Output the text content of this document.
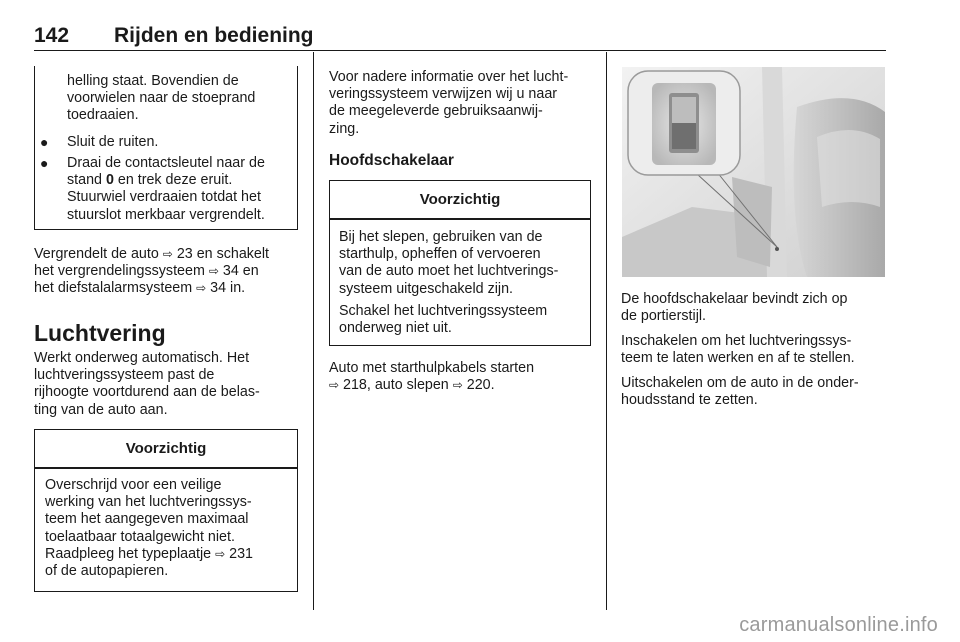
142 Rijden en bediening
helling staat. Bovendien de
voorwielen naar de stoeprand
toedraaien.
● Sluit de ruiten.
● Draai de contactsleutel naar de
stand 0 en trek deze eruit.
Stuurwiel verdraaien totdat het
stuurslot merkbaar vergrendelt.
Vergrendelt de auto ⇨ 23 en schakelt
het vergrendelingssysteem ⇨ 34 en
het diefstalalarmsysteem ⇨ 34 in.
Luchtvering
Werkt onderweg automatisch. Het
luchtveringssysteem past de
rijhoogte voortdurend aan de belas-
ting van de auto aan.
Voorzichtig
Overschrijd voor een veilige
werking van het luchtveringssys-
teem het aangegeven maximaal
toelaatbaar totaalgewicht niet.
Raadpleeg het typeplaatje ⇨ 231
of de autopapieren.
Voor nadere informatie over het lucht-
veringssysteem verwijzen wij u naar
de meegeleverde gebruiksaanwij-
zing.
Hoofdschakelaar
Voorzichtig
Bij het slepen, gebruiken van de
starthulp, opheffen of vervoeren
van de auto moet het luchtverings-
systeem uitgeschakeld zijn.
Schakel het luchtveringssysteem
onderweg niet uit.
Auto met starthulpkabels starten
⇨ 218, auto slepen ⇨ 220.
De hoofdschakelaar bevindt zich op
de portierstijl.
Inschakelen om het luchtveringssys-
teem te laten werken en af te stellen.
Uitschakelen om de auto in de onder-
houdsstand te zetten.
carmanualsonline.info
